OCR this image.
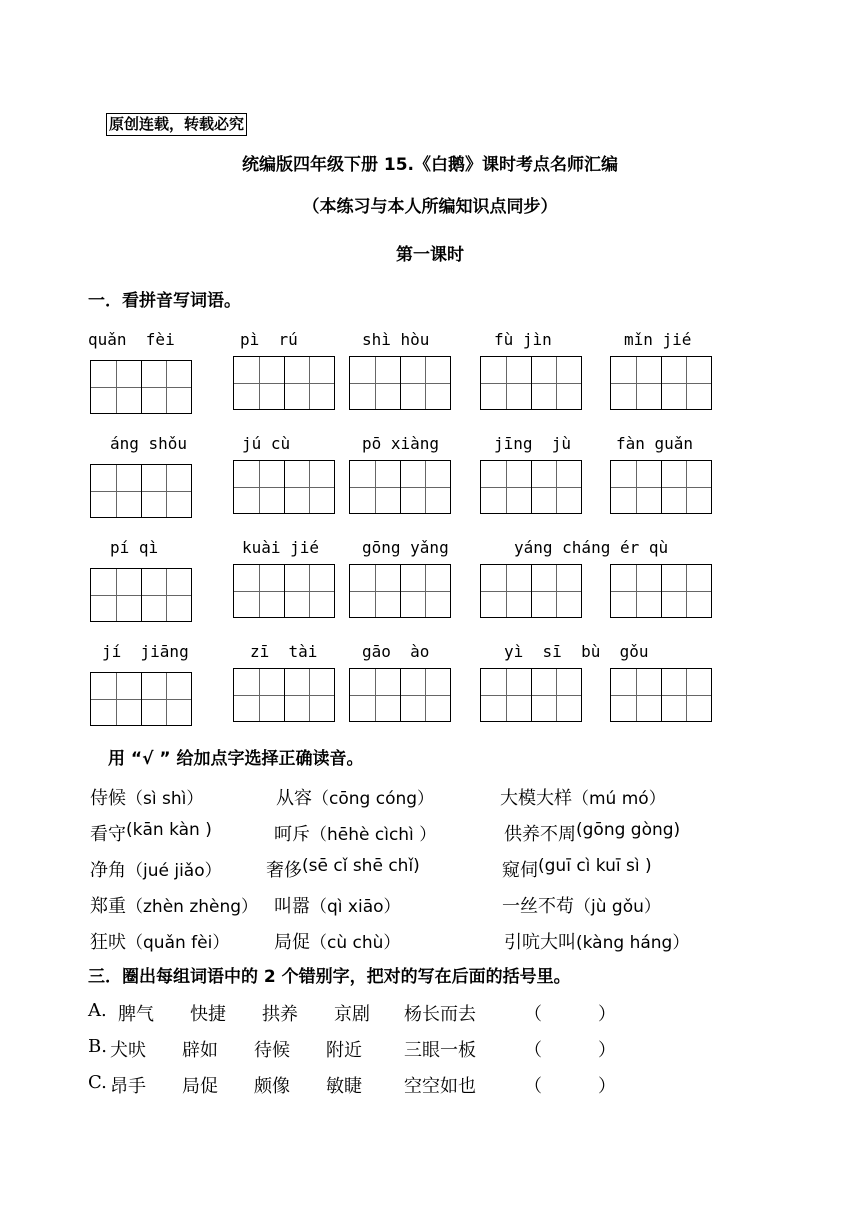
原创连载，转载必究
统编版四年级下册 15.《白鹅》课时考点名师汇编
（本练习与本人所编知识点同步）
第一课时
一．看拼音写词语。
quǎn  fèi	pì  rú	shì hòu	fù jìn	mǐn jié
áng shǒu	jú cù	pō xiàng	jīng  jù	fàn guǎn
pí qì	kuài jié	gōng yǎng	yáng cháng ér qù
jí  jiāng	zī  tài	gāo  ào	yì  sī  bù  gǒu
用 “√ ” 给加点字选择正确读音。
侍候 （sì shì）	从容 （cōng cóng）	大模大样 （mú mó）
看守 (kān kàn )	呵斥 （hēhè cìchì ）	供养不周 (gōng gòng)
净角 （jué jiǎo） 奢侈 (sē cǐ shē chǐ)	窥伺 (guī cì kuī sì )
郑重 （zhèn zhèng） 叫嚣 （qì xiāo）	一丝不苟 （jù gǒu）
狂吠 （quǎn fèi） 局促 （cù chù）	引吭大叫 (kàng háng）
三．圈出每组词语中的 2 个错别字，把对的写在后面的括号里。
A. 脾气 快捷 拱养 京剧 杨长而去	（	）
B. 犬吠 辟如 待候 附近 三眼一板	（	）
C. 昂手 局促 颇像 敏睫 空空如也	（	）
